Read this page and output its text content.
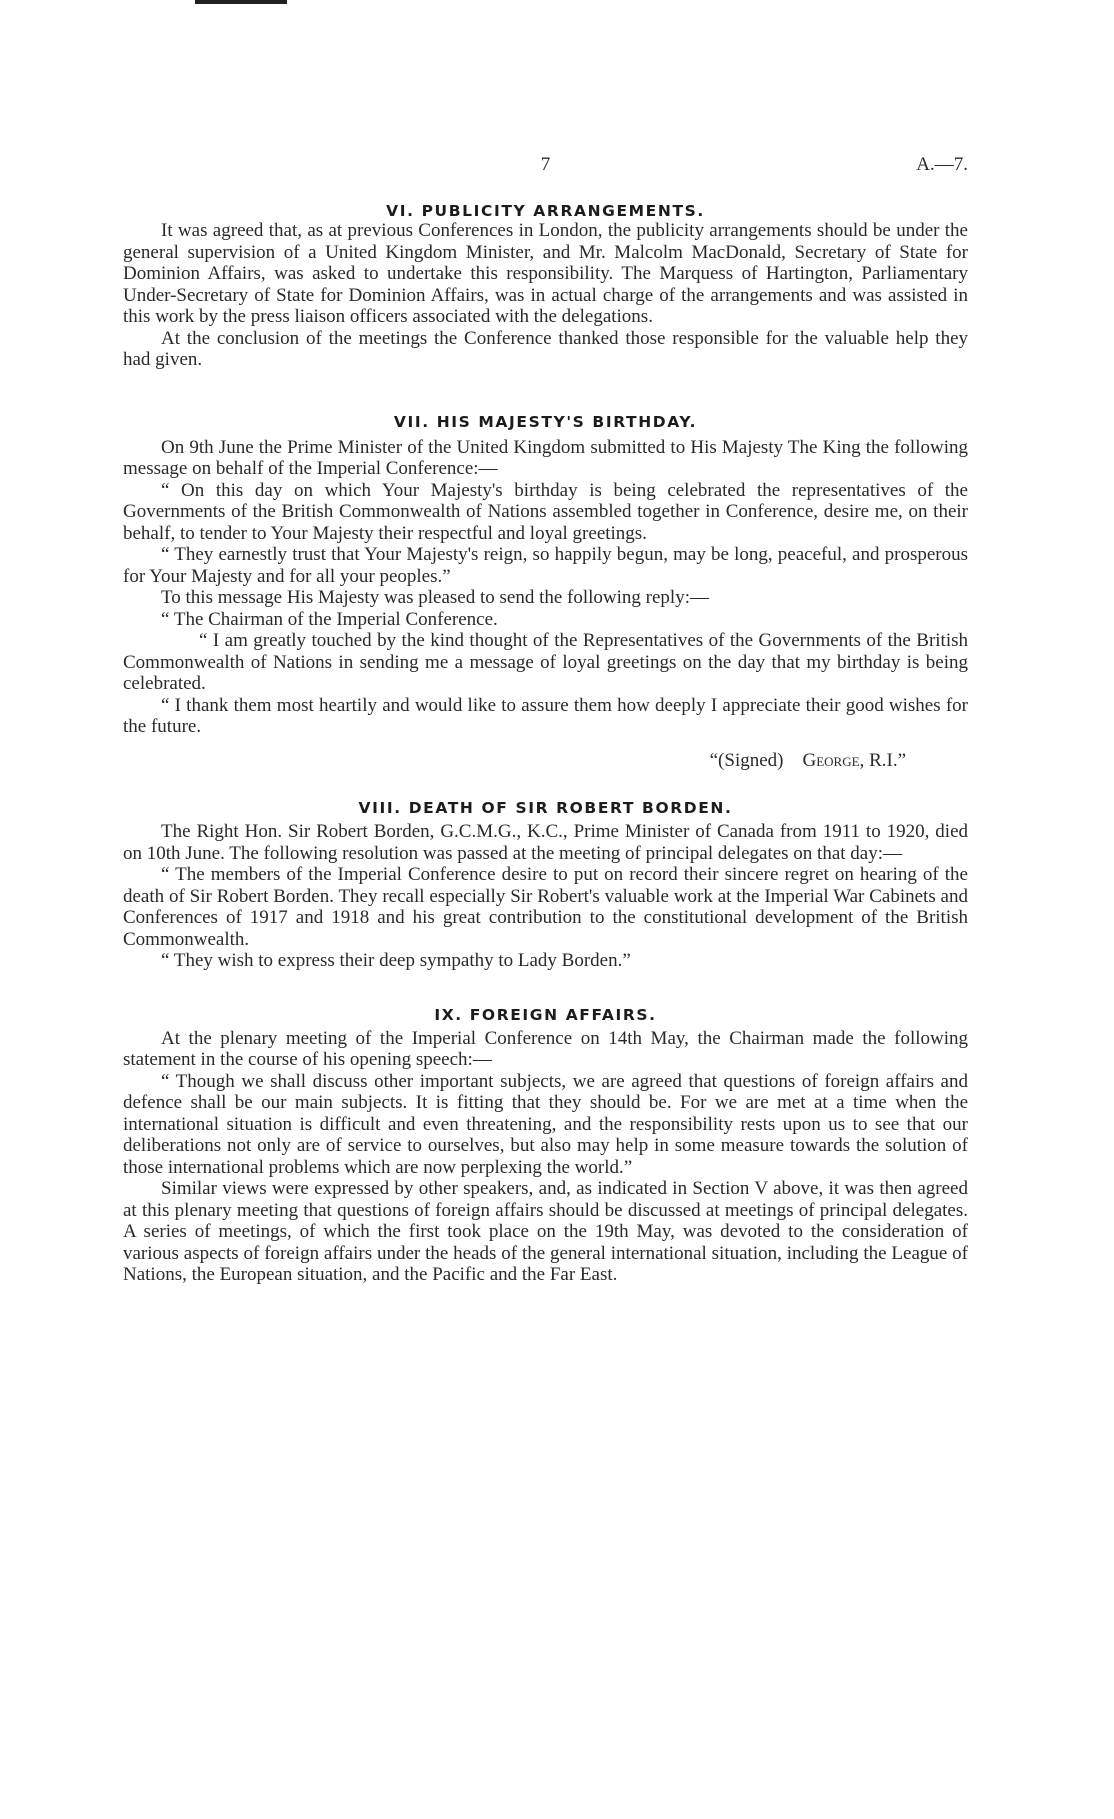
7	A.—7.
VI. PUBLICITY ARRANGEMENTS.

It was agreed that, as at previous Conferences in London, the publicity arrangements should be under the general supervision of a United Kingdom Minister, and Mr. Malcolm MacDonald, Secretary of State for Dominion Affairs, was asked to undertake this responsibility. The Marquess of Hartington, Parliamentary Under-Secretary of State for Dominion Affairs, was in actual charge of the arrangements and was assisted in this work by the press liaison officers associated with the delegations.

At the conclusion of the meetings the Conference thanked those responsible for the valuable help they had given.

VII. HIS MAJESTY'S BIRTHDAY.

On 9th June the Prime Minister of the United Kingdom submitted to His Majesty The King the following message on behalf of the Imperial Conference:—

“ On this day on which Your Majesty's birthday is being celebrated the representatives of the Governments of the British Commonwealth of Nations assembled together in Conference, desire me, on their behalf, to tender to Your Majesty their respectful and loyal greetings.

“ They earnestly trust that Your Majesty's reign, so happily begun, may be long, peaceful, and prosperous for Your Majesty and for all your peoples.”

To this message His Majesty was pleased to send the following reply:—

“ The Chairman of the Imperial Conference.

“ I am greatly touched by the kind thought of the Representatives of the Governments of the British Commonwealth of Nations in sending me a message of loyal greetings on the day that my birthday is being celebrated.

“ I thank them most heartily and would like to assure them how deeply I appreciate their good wishes for the future.

“(Signed) George, R.I.”

VIII. DEATH OF SIR ROBERT BORDEN.

The Right Hon. Sir Robert Borden, G.C.M.G., K.C., Prime Minister of Canada from 1911 to 1920, died on 10th June. The following resolution was passed at the meeting of principal delegates on that day:—

“ The members of the Imperial Conference desire to put on record their sincere regret on hearing of the death of Sir Robert Borden. They recall especially Sir Robert's valuable work at the Imperial War Cabinets and Conferences of 1917 and 1918 and his great contribution to the constitutional development of the British Commonwealth.

“ They wish to express their deep sympathy to Lady Borden.”

IX. FOREIGN AFFAIRS.

At the plenary meeting of the Imperial Conference on 14th May, the Chairman made the following statement in the course of his opening speech:—

“ Though we shall discuss other important subjects, we are agreed that questions of foreign affairs and defence shall be our main subjects. It is fitting that they should be. For we are met at a time when the international situation is difficult and even threatening, and the responsibility rests upon us to see that our deliberations not only are of service to ourselves, but also may help in some measure towards the solution of those international problems which are now perplexing the world.”

Similar views were expressed by other speakers, and, as indicated in Section V above, it was then agreed at this plenary meeting that questions of foreign affairs should be discussed at meetings of principal delegates. A series of meetings, of which the first took place on the 19th May, was devoted to the consideration of various aspects of foreign affairs under the heads of the general international situation, including the League of Nations, the European situation, and the Pacific and the Far East.
